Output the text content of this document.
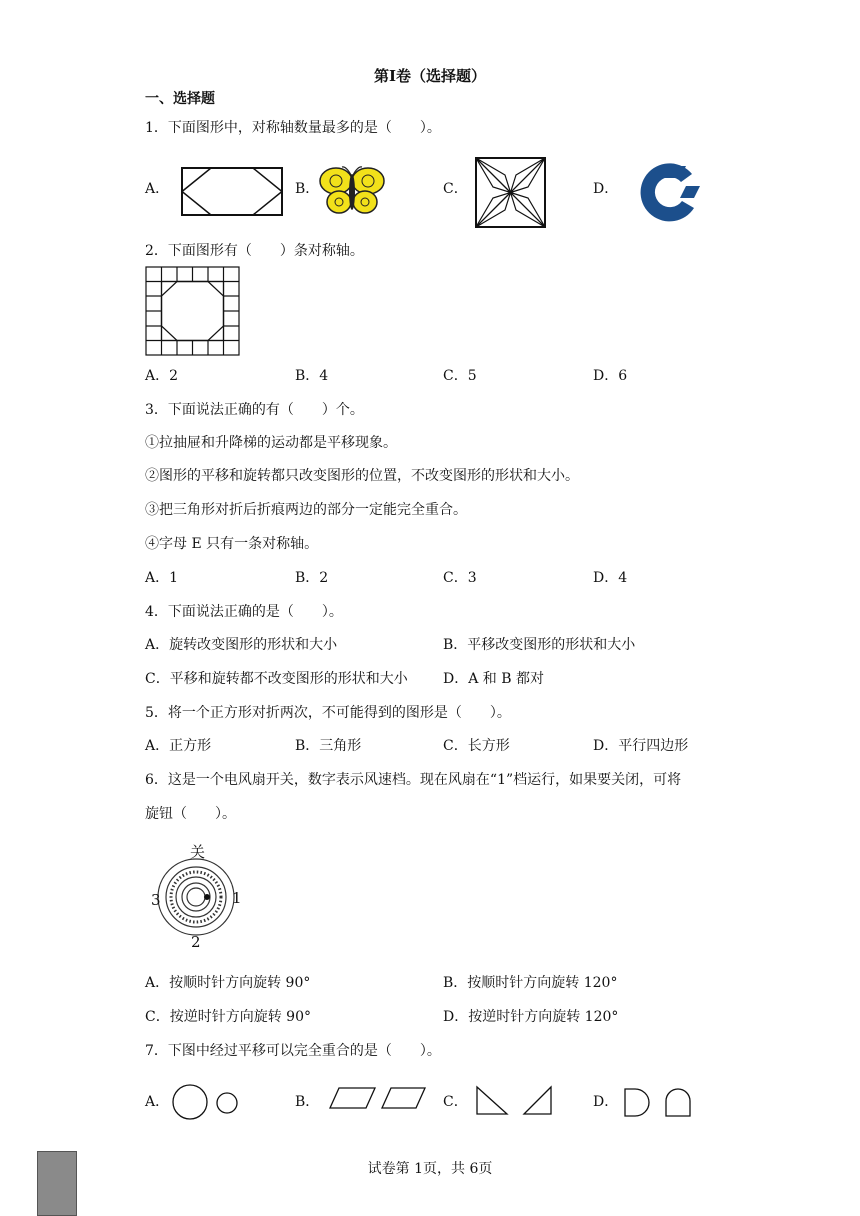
第Ⅰ卷（选择题）
一、选择题
1．下面图形中，对称轴数量最多的是（　　）。
A．	B．	C．	D．
2．下面图形有（　　）条对称轴。
A．2	B．4	C．5	D．6
3．下面说法正确的有（　　）个。
①拉抽屉和升降梯的运动都是平移现象。
②图形的平移和旋转都只改变图形的位置，不改变图形的形状和大小。
③把三角形对折后折痕两边的部分一定能完全重合。
④字母 E 只有一条对称轴。
A．1	B．2	C．3	D．4
4．下面说法正确的是（　　）。
A．旋转改变图形的形状和大小	B．平移改变图形的形状和大小
C．平移和旋转都不改变图形的形状和大小	D．A 和 B 都对
5．将一个正方形对折两次，不可能得到的图形是（　　）。
A．正方形	B．三角形	C．长方形	D．平行四边形
6．这是一个电风扇开关，数字表示风速档。现在风扇在“1”档运行，如果要关闭，可将
旋钮（　　）。
关
1
2
3
A．按顺时针方向旋转 90°	B．按顺时针方向旋转 120°
C．按逆时针方向旋转 90°	D．按逆时针方向旋转 120°
7．下图中经过平移可以完全重合的是（　　）。
A．	B．	C．	D．
试卷第 1页，共 6页
